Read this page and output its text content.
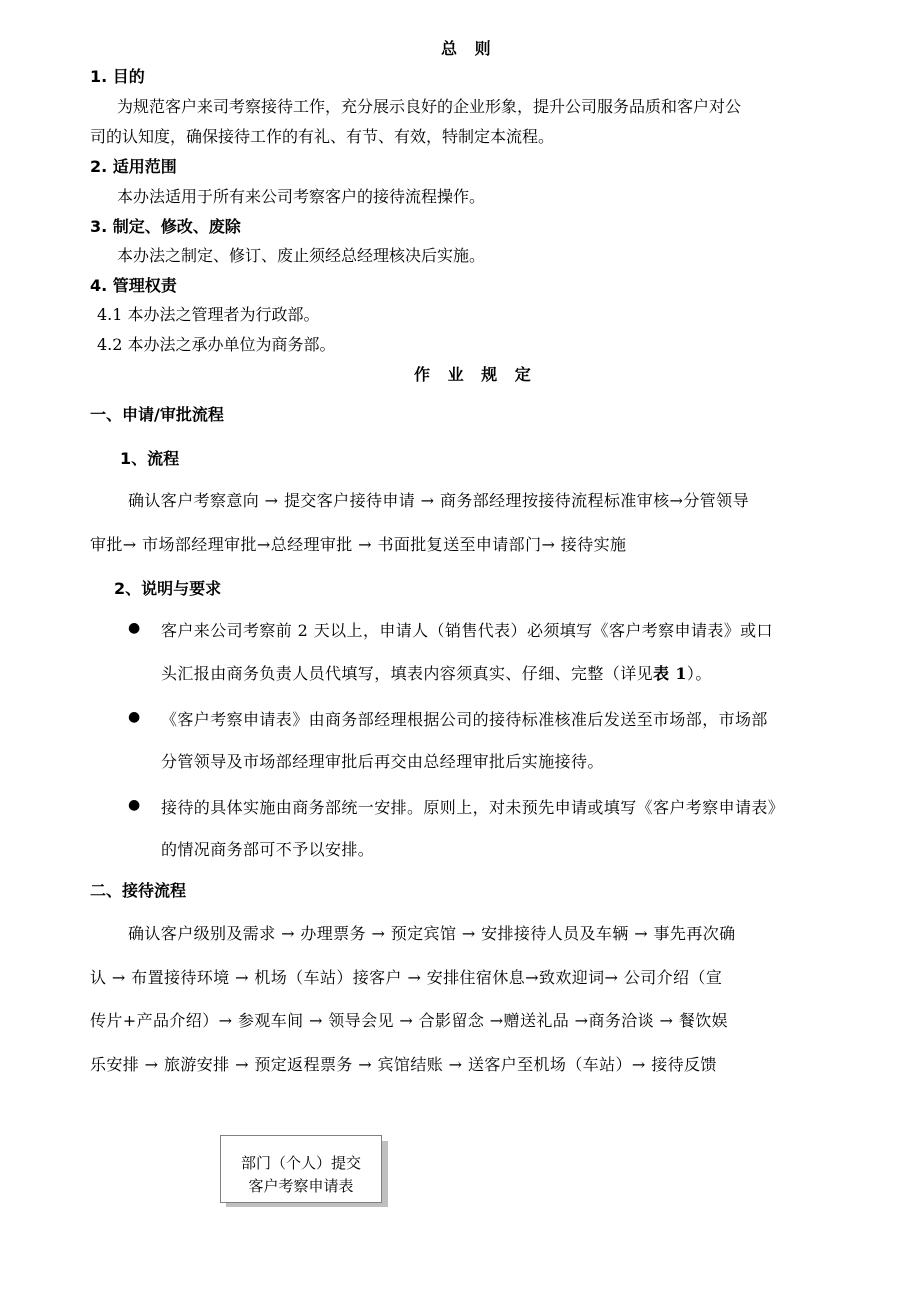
总 则
1. 目的
为规范客户来司考察接待工作，充分展示良好的企业形象，提升公司服务品质和客户对公
司的认知度，确保接待工作的有礼、有节、有效，特制定本流程。
2. 适用范围
本办法适用于所有来公司考察客户的接待流程操作。
3. 制定、修改、废除
本办法之制定、修订、废止须经总经理核决后实施。
4. 管理权责
4.1 本办法之管理者为行政部。
4.2 本办法之承办单位为商务部。
作 业 规 定
一、申请/审批流程
1、流程
确认客户考察意向 → 提交客户接待申请 → 商务部经理按接待流程标准审核→分管领导
审批→ 市场部经理审批→总经理审批 → 书面批复送至申请部门→ 接待实施
2、说明与要求
● 客户来公司考察前 2 天以上，申请人（销售代表）必须填写《客户考察申请表》或口
头汇报由商务负责人员代填写，填表内容须真实、仔细、完整（详见表 1）。
● 《客户考察申请表》由商务部经理根据公司的接待标准核准后发送至市场部，市场部
分管领导及市场部经理审批后再交由总经理审批后实施接待。
● 接待的具体实施由商务部统一安排。原则上，对未预先申请或填写《客户考察申请表》
的情况商务部可不予以安排。
二、接待流程
确认客户级别及需求 → 办理票务 → 预定宾馆 → 安排接待人员及车辆 → 事先再次确
认 → 布置接待环境 → 机场（车站）接客户 → 安排住宿休息→致欢迎词→ 公司介绍（宣
传片+产品介绍）→ 参观车间 → 领导会见 → 合影留念 →赠送礼品 →商务洽谈 → 餐饮娱
乐安排 → 旅游安排 → 预定返程票务 → 宾馆结账 → 送客户至机场（车站）→ 接待反馈
部门（个人）提交
客户考察申请表
